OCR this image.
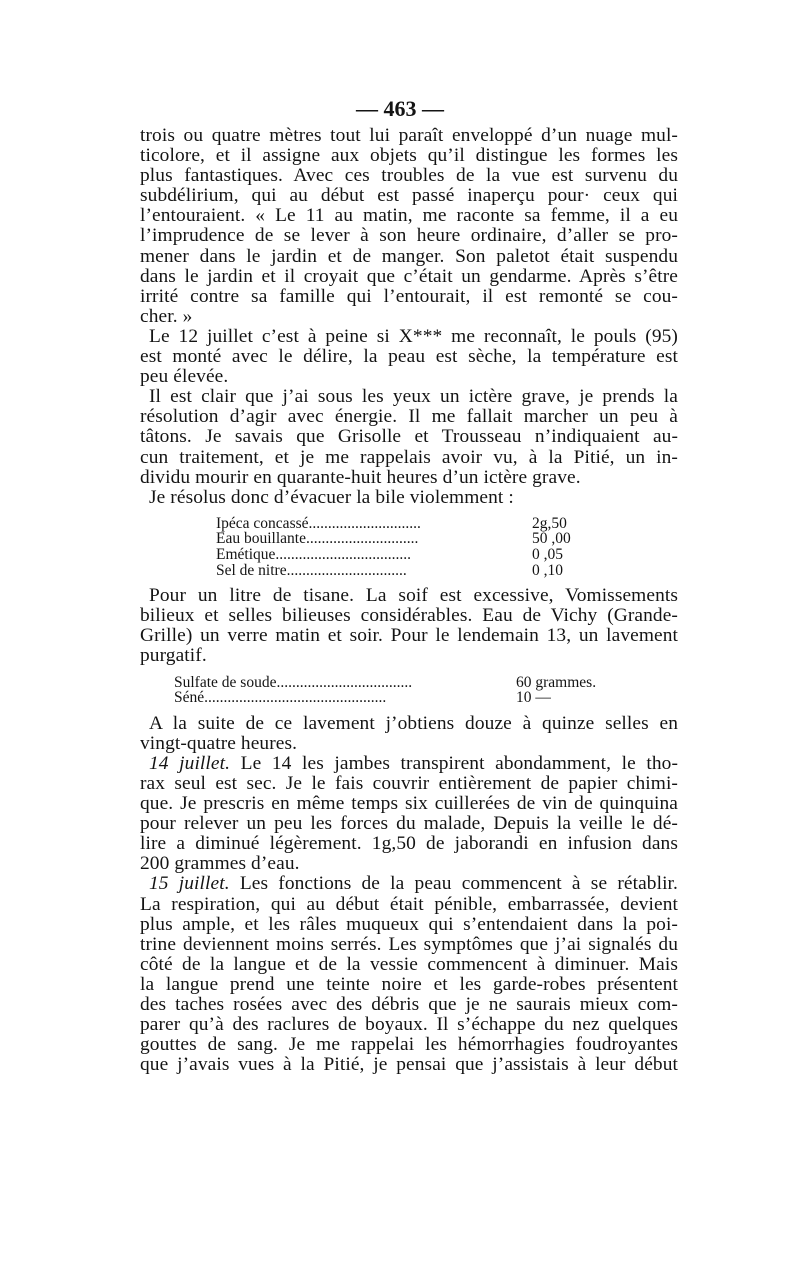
— 463 —
trois ou quatre mètres tout lui paraît enveloppé d’un nuage mul-
ticolore, et il assigne aux objets qu’il distingue les formes les
plus fantastiques. Avec ces troubles de la vue est survenu du
subdélirium, qui au début est passé inaperçu pour· ceux qui
l’entouraient. « Le 11 au matin, me raconte sa femme, il a eu
l’imprudence de se lever à son heure ordinaire, d’aller se pro-
mener dans le jardin et de manger. Son paletot était suspendu
dans le jardin et il croyait que c’était un gendarme. Après s’être
irrité contre sa famille qui l’entourait, il est remonté se cou-
cher. »
Le 12 juillet c’est à peine si X*** me reconnaît, le pouls (95)
est monté avec le délire, la peau est sèche, la température est
peu élevée.
Il est clair que j’ai sous les yeux un ictère grave, je prends la
résolution d’agir avec énergie. Il me fallait marcher un peu à
tâtons. Je savais que Grisolle et Trousseau n’indiquaient au-
cun traitement, et je me rappelais avoir vu, à la Pitié, un in-
dividu mourir en quarante-huit heures d’un ictère grave.
Je résolus donc d’évacuer la bile violemment :
Ipéca concassé.............................	2g,50
Eau bouillante.............................	50 ,00
Emétique...................................	0 ,05
Sel de nitre...............................	0 ,10
Pour un litre de tisane. La soif est excessive, Vomissements
bilieux et selles bilieuses considérables. Eau de Vichy (Grande-
Grille) un verre matin et soir. Pour le lendemain 13, un lavement
purgatif.
Sulfate de soude...................................	60 grammes.
Séné...............................................	10 —
A la suite de ce lavement j’obtiens douze à quinze selles en
vingt-quatre heures.
14 juillet. Le 14 les jambes transpirent abondamment, le tho-
rax seul est sec. Je le fais couvrir entièrement de papier chimi-
que. Je prescris en même temps six cuillerées de vin de quinquina
pour relever un peu les forces du malade, Depuis la veille le dé-
lire a diminué légèrement. 1g,50 de jaborandi en infusion dans
200 grammes d’eau.
15 juillet. Les fonctions de la peau commencent à se rétablir.
La respiration, qui au début était pénible, embarrassée, devient
plus ample, et les râles muqueux qui s’entendaient dans la poi-
trine deviennent moins serrés. Les symptômes que j’ai signalés du
côté de la langue et de la vessie commencent à diminuer. Mais
la langue prend une teinte noire et les garde-robes présentent
des taches rosées avec des débris que je ne saurais mieux com-
parer qu’à des raclures de boyaux. Il s’échappe du nez quelques
gouttes de sang. Je me rappelai les hémorrhagies foudroyantes
que j’avais vues à la Pitié, je pensai que j’assistais à leur début
